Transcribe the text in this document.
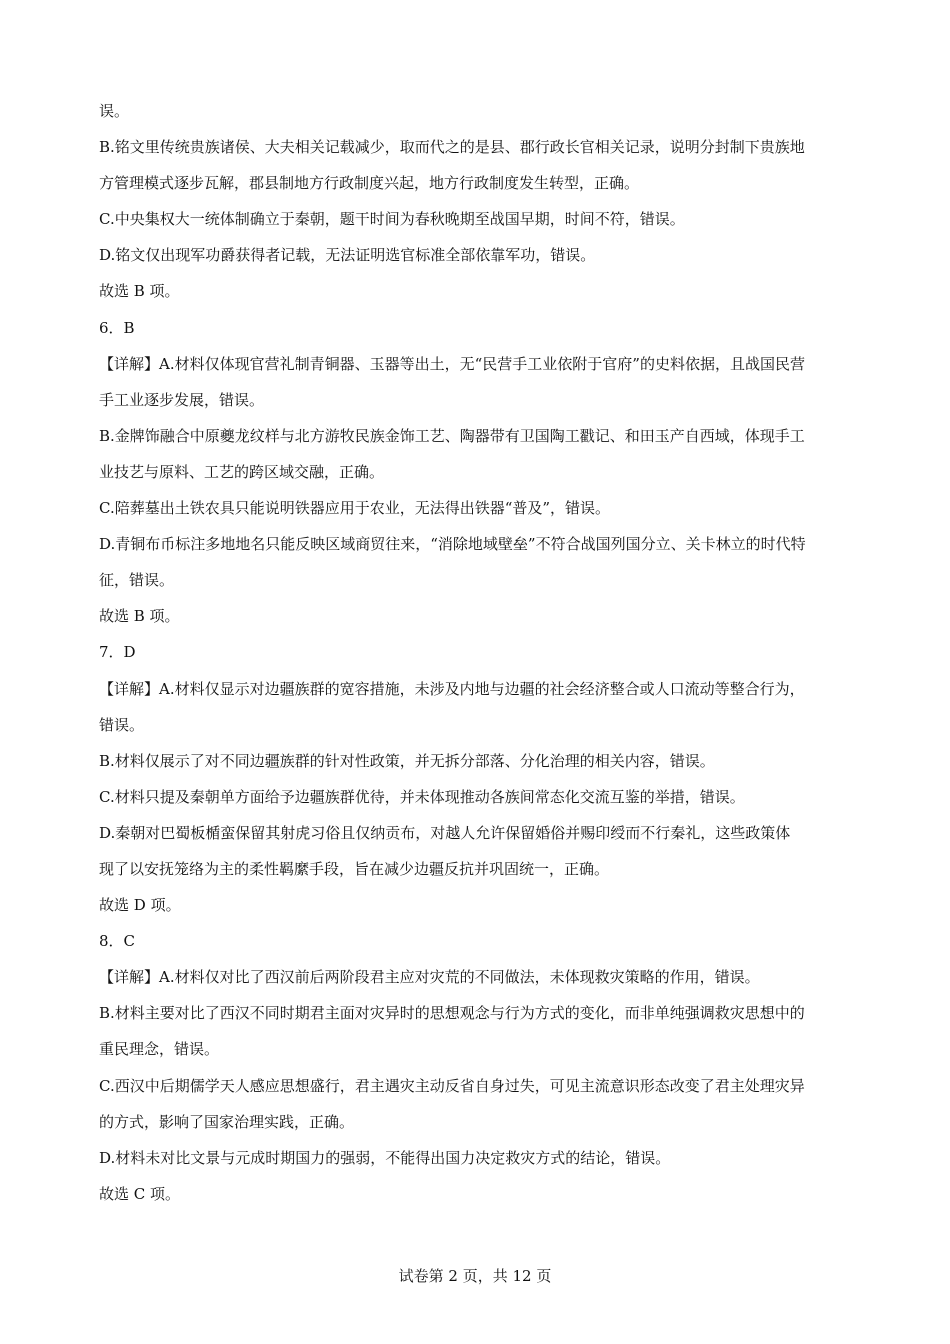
误。
B.铭文里传统贵族诸侯、大夫相关记载减少，取而代之的是县、郡行政长官相关记录，说明分封制下贵族地
方管理模式逐步瓦解，郡县制地方行政制度兴起，地方行政制度发生转型，正确。
C.中央集权大一统体制确立于秦朝，题干时间为春秋晚期至战国早期，时间不符，错误。
D.铭文仅出现军功爵获得者记载，无法证明选官标准全部依靠军功，错误。
故选 B 项。
6．B
【详解】A.材料仅体现官营礼制青铜器、玉器等出土，无“民营手工业依附于官府”的史料依据，且战国民营
手工业逐步发展，错误。
B.金牌饰融合中原夔龙纹样与北方游牧民族金饰工艺、陶器带有卫国陶工戳记、和田玉产自西域，体现手工
业技艺与原料、工艺的跨区域交融，正确。
C.陪葬墓出土铁农具只能说明铁器应用于农业，无法得出铁器“普及”，错误。
D.青铜布币标注多地地名只能反映区域商贸往来，“消除地域壁垒”不符合战国列国分立、关卡林立的时代特
征，错误。
故选 B 项。
7．D
【详解】A.材料仅显示对边疆族群的宽容措施，未涉及内地与边疆的社会经济整合或人口流动等整合行为，
错误。
B.材料仅展示了对不同边疆族群的针对性政策，并无拆分部落、分化治理的相关内容，错误。
C.材料只提及秦朝单方面给予边疆族群优待，并未体现推动各族间常态化交流互鉴的举措，错误。
D.秦朝对巴蜀板楯蛮保留其射虎习俗且仅纳贡布，对越人允许保留婚俗并赐印绶而不行秦礼，这些政策体
现了以安抚笼络为主的柔性羁縻手段，旨在减少边疆反抗并巩固统一，正确。
故选 D 项。
8．C
【详解】A.材料仅对比了西汉前后两阶段君主应对灾荒的不同做法，未体现救灾策略的作用，错误。
B.材料主要对比了西汉不同时期君主面对灾异时的思想观念与行为方式的变化，而非单纯强调救灾思想中的
重民理念，错误。
C.西汉中后期儒学天人感应思想盛行，君主遇灾主动反省自身过失，可见主流意识形态改变了君主处理灾异
的方式，影响了国家治理实践，正确。
D.材料未对比文景与元成时期国力的强弱，不能得出国力决定救灾方式的结论，错误。
故选 C 项。
试卷第 2 页，共 12 页
